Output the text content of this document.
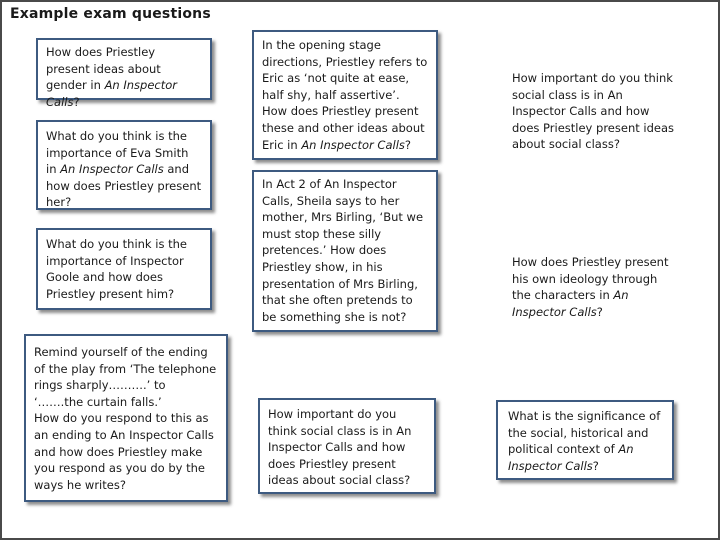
Example exam questions
How does Priestley present ideas about gender in An Inspector Calls?
What do you think is the importance of Eva Smith in An Inspector Calls and how does Priestley present her?
What do you think is the importance of Inspector Goole and how does Priestley present him?
Remind yourself of the ending of the play from ‘The telephone rings sharply……….’ to ‘…….the curtain falls.’
How do you respond to this as an ending to An Inspector Calls and how does Priestley make you respond as you do by the ways he writes?
In the opening stage directions, Priestley refers to Eric as ‘not quite at ease, half shy, half assertive’. How does Priestley present these and other ideas about Eric in An Inspector Calls?
In Act 2 of An Inspector Calls, Sheila says to her mother, Mrs Birling, ‘But we must stop these silly pretences.’ How does Priestley show, in his presentation of Mrs Birling, that she often pretends to be something she is not?
How important do you think social class is in An Inspector Calls and how does Priestley present ideas about social class?
How important do you think social class is in An Inspector Calls and how does Priestley present ideas about social class?
How does Priestley present his own ideology through the characters in An Inspector Calls?
What is the significance of the social, historical and political context of An Inspector Calls?
